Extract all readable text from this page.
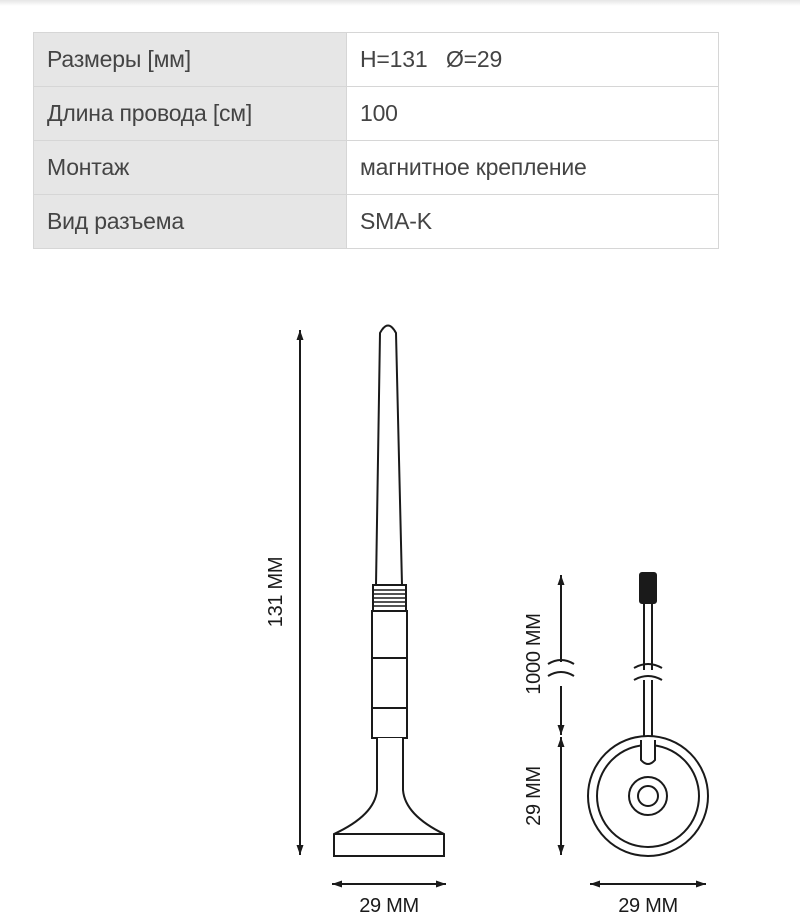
Размеры [мм]	H=131   Ø=29
Длина провода [см]	100
Монтаж	магнитное крепление
Вид разъема	SMA-K
131 ММ
29 ММ
1000 ММ
29 ММ
29 ММ
